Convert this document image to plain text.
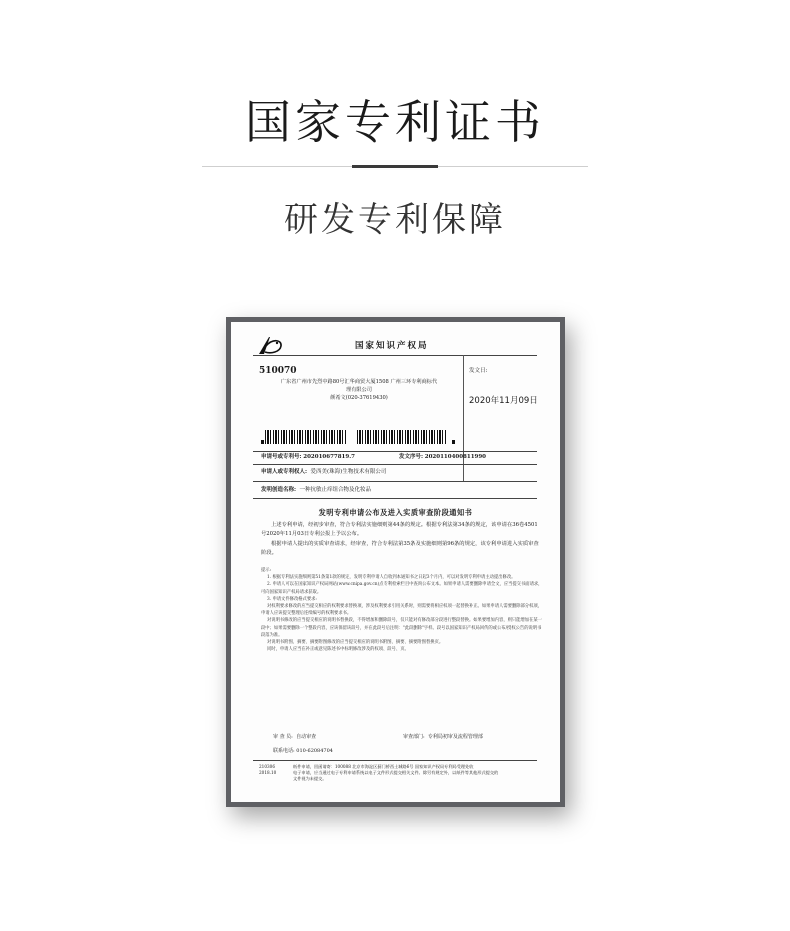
国家专利证书
研发专利保障
国家知识产权局
510070
广东省广州市先烈中路80号汇华商贸大厦1508 广州三环专利商标代
理有限公司
颜希文(020-37619430)
发文日:
2020年11月09日
申请号或专利号: 202010677819.7	发文序号: 2020110400811990
申请人或专利权人: 爱西美(珠海)生物技术有限公司
发明创造名称: 一种抗敏止痒组合物及化妆品
发明专利申请公布及进入实质审查阶段通知书
上述专利申请，经初步审查，符合专利法实施细则第44条的规定。根据专利法第34条的规定，该申请在36卷4501号2020年11月03日专利公报上予以公布。
根据申请人提出的实质审查请求，经审查，符合专利法第35条及实施细则第96条的规定，该专利申请进入实质审查阶段。
提示:
1. 根据专利法实施细则第51条第1款的规定，发明专利申请人自收到本通知书之日起3个月内，可以对发明专利申请主动提出修改。
2. 申请人可以在国家知识产权局网站(www.cnipa.gov.cn)点专利检索栏目中查询公布文本。如果申请人需要删除申请全文，应当提交书面请求，可向国家知识产权局请求获取。
3. 申请文件修改格式要求:
对权利要求修改的应当提交相应的权利要求替换项，涉及权利要求引用关系时，则需要将相应权项一起替换补正。如果申请人需要删除部分权项，申请人应该提交整理后连续编号的权利要求书。
对说明书修改的应当提交相应的说明书替换段，不得增加和删除段号，仅只能对有修改部分段进行整段替换。如果要增加内容，则只能增加在某一段中；如果需要删除一个整段内容，应该保留该段号，并在此段号后注明："此段删除"字样。段号以国家知识产权局回传的或公布/授权公告的说明书段落为准。
对说明书附图、摘要、摘要附图修改的应当提交相应的说明书附图、摘要、摘要附图替换页。
同时，申请人应当在补正或意见陈述书中标明修改涉及的权项、段号、页。
审 查 员: 自动审查	审查部门: 专利局初审及流程管理部
联系电话: 010-62084704
210306
2018.10
纸件申请，回函请寄：100088 北京市海淀区蓟门桥西土城路6号 国家知识产权局专利局受理处收
电子申请，应当通过电子专利申请系统以电子文件形式提交相关文件。除另有规定外，以纸件等其他形式提交的
文件视为未提交。
